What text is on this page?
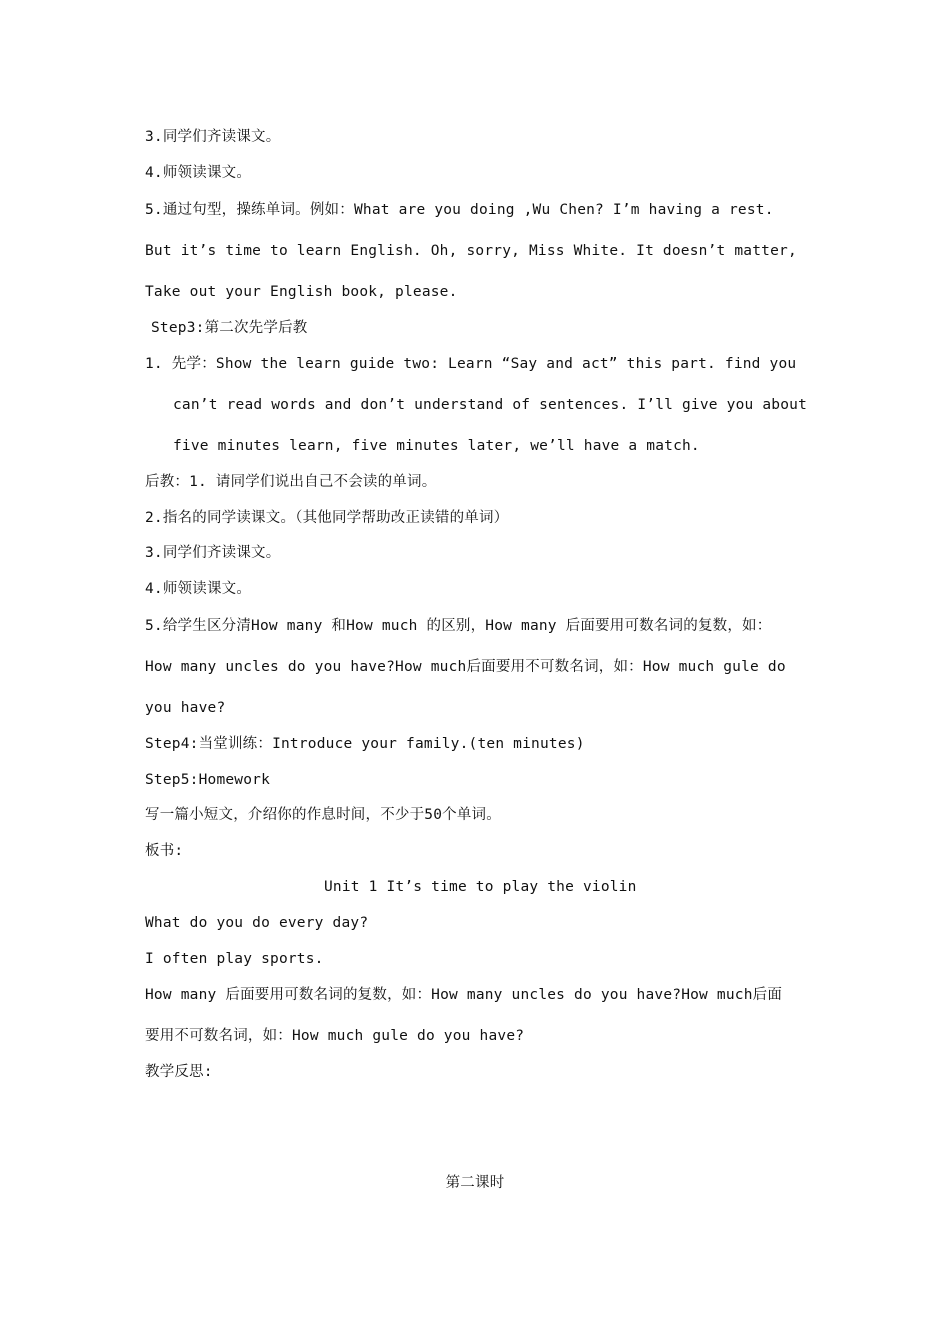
3.同学们齐读课文。
4.师领读课文。
5.通过句型，操练单词。例如：What are you doing ,Wu Chen? I’m having a rest.
But it’s time to learn English. Oh, sorry, Miss White. It doesn’t matter,
Take out your English book, please.
Step3:第二次先学后教
1. 先学：Show the learn guide two: Learn “Say and act” this part. find you
can’t read words and don’t understand of sentences. I’ll give you about
five minutes learn, five minutes later, we’ll have a match.
后教：1. 请同学们说出自己不会读的单词。
2.指名的同学读课文。（其他同学帮助改正读错的单词）
3.同学们齐读课文。
4.师领读课文。
5.给学生区分清How many 和How much 的区别，How many 后面要用可数名词的复数，如：
How many uncles do you have?How much后面要用不可数名词，如：How much gule do
you have?
Step4:当堂训练：Introduce your family.(ten minutes)
Step5:Homework
写一篇小短文，介绍你的作息时间，不少于50个单词。
板书:
Unit 1 It’s time to play the violin
What do you do every day?
I often play sports.
How many 后面要用可数名词的复数，如：How many uncles do you have?How much后面
要用不可数名词，如：How much gule do you have?
教学反思:
第二课时
